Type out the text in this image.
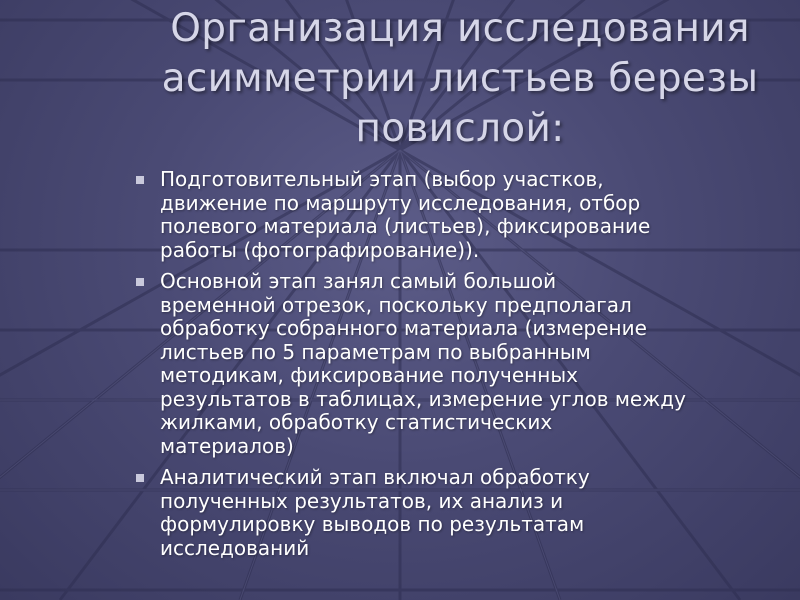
Организация исследования
асимметрии листьев березы
повислой:
Подготовительный этап (выбор участков,
движение по маршруту исследования, отбор
полевого материала (листьев), фиксирование
работы (фотографирование)).
Основной этап занял самый большой
временной отрезок, поскольку предполагал
обработку собранного материала (измерение
листьев по 5 параметрам по выбранным
методикам, фиксирование полученных
результатов в таблицах, измерение углов между
жилками, обработку статистических
материалов)
Аналитический этап включал обработку
полученных результатов, их анализ и
формулировку выводов по результатам
исследований
